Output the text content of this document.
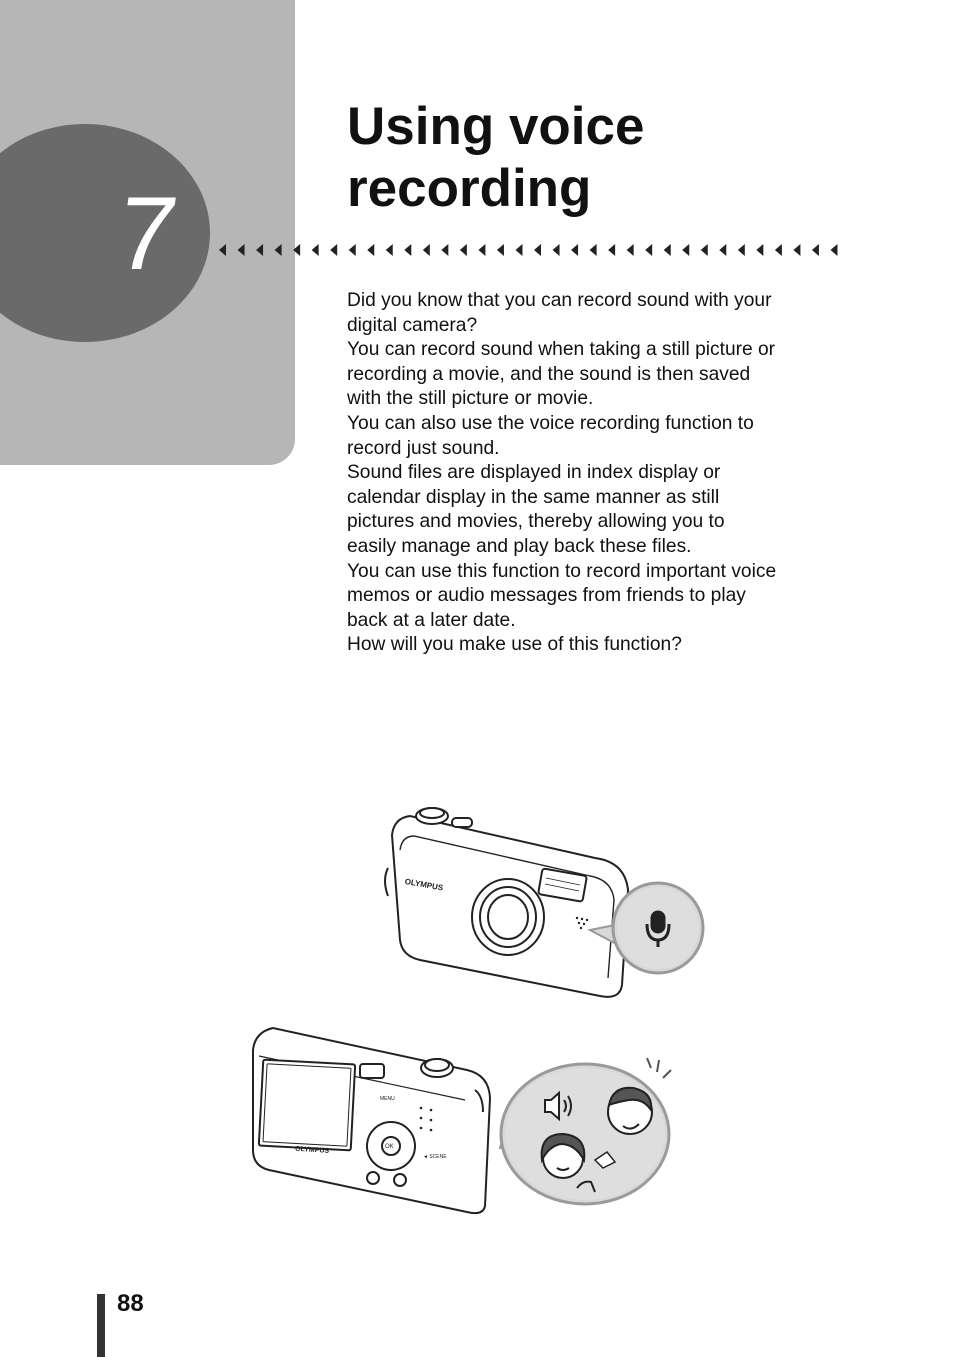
7
Using voice recording

Did you know that you can record sound with your digital camera?

You can record sound when taking a still picture or recording a movie, and the sound is then saved with the still picture or movie.

You can also use the voice recording function to record just sound.

Sound files are displayed in index display or calendar display in the same manner as still pictures and movies, thereby allowing you to easily manage and play back these files.

You can use this function to record important voice memos or audio messages from friends to play back at a later date.

How will you make use of this function?

OLYMPUS
OLYMPUS
MENU
OK
◄ SCENE
88
